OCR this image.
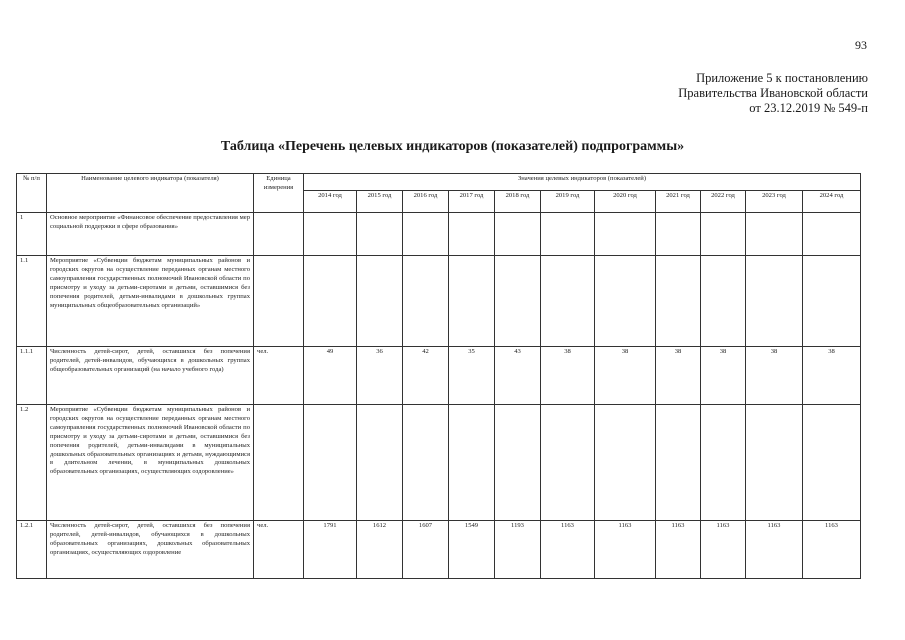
93
Приложение 5 к постановлению
Правительства Ивановской области
от 23.12.2019 № 549-п
Таблица «Перечень целевых индикаторов (показателей) подпрограммы»
№ п/п	Наименование целевого индикатора (показателя)	Единица измерения	Значения целевых индикаторов (показателей)										
			2014 год	2015 год	2016 год	2017 год	2018 год	2019 год	2020 год	2021 год	2022 год	2023 год	2024 год
1	Основное мероприятие «Финансовое обеспечение предоставления мер социальной поддержки в сфере образования»												
1.1	Мероприятие «Субвенции бюджетам муниципальных районов и городских округов на осуществление переданных органам местного самоуправления государственных полномочий Ивановской области по присмотру и уходу за детьми-сиротами и детьми, оставшимися без попечения родителей, детьми-инвалидами в дошкольных группах муниципальных общеобразовательных организаций»												
1.1.1	Численность детей-сирот, детей, оставшихся без попечения родителей, детей-инвалидов, обучающихся в дошкольных группах общеобразовательных организаций (на начало учебного года)	чел.	49	36	42	35	43	38	38	38	38	38	38
1.2	Мероприятие «Субвенции бюджетам муниципальных районов и городских округов на осуществление переданных органам местного самоуправления государственных полномочий Ивановской области по присмотру и уходу за детьми-сиротами и детьми, оставшимися без попечения родителей, детьми-инвалидами в муниципальных дошкольных образовательных организациях и детьми, нуждающимися в длительном лечении, в муниципальных дошкольных образовательных организациях, осуществляющих оздоровление»												
1.2.1	Численность детей-сирот, детей, оставшихся без попечения родителей, детей-инвалидов, обучающихся в дошкольных образовательных организациях, дошкольных образовательных организациях, осуществляющих оздоровление	чел.	1791	1612	1607	1549	1193	1163	1163	1163	1163	1163	1163
